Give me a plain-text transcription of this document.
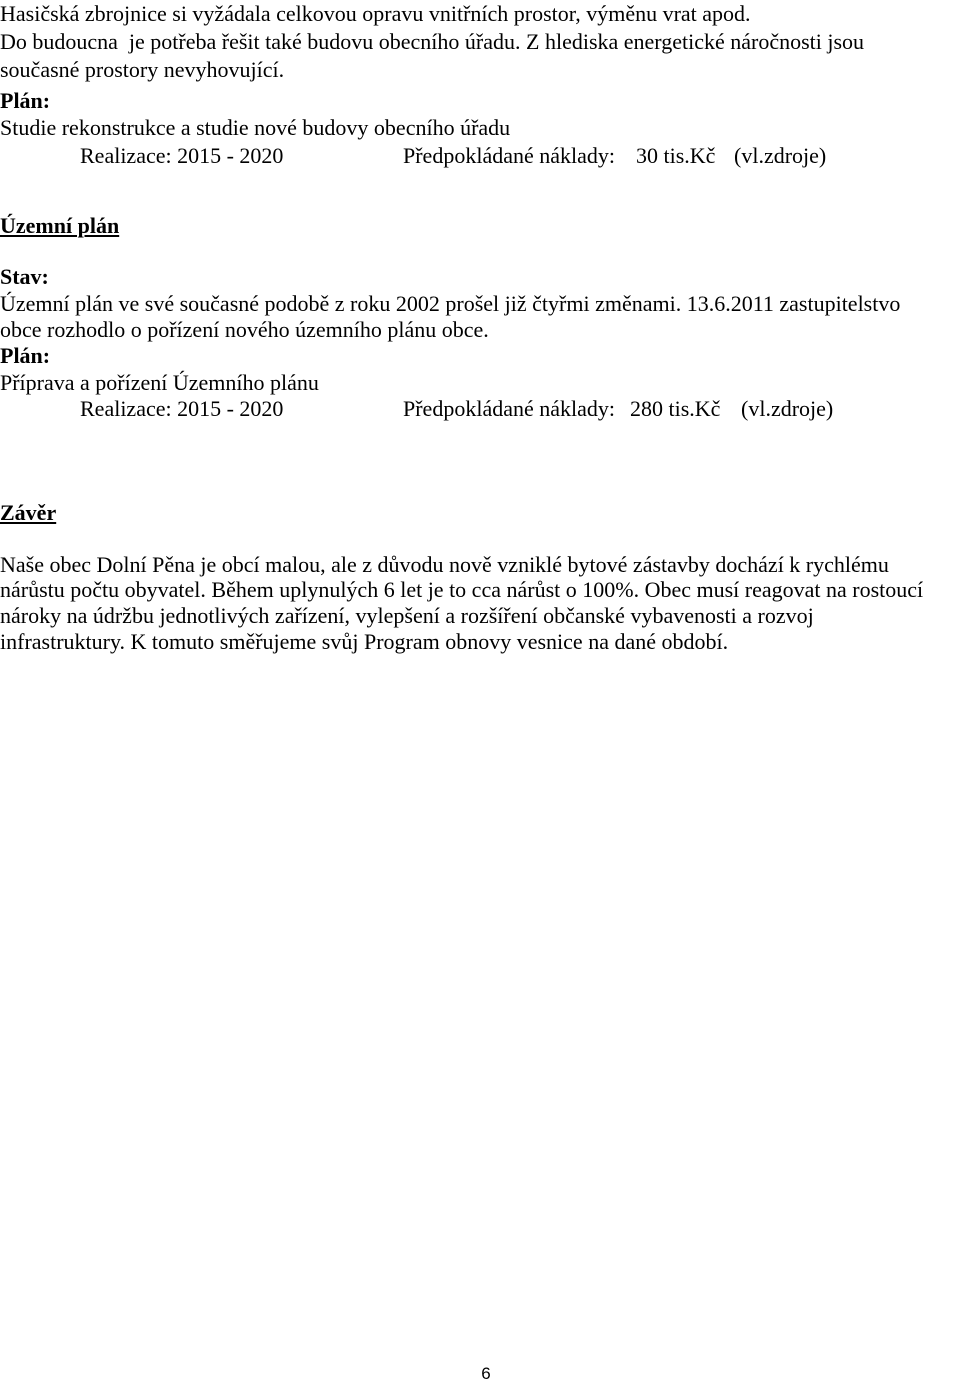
Hasičská zbrojnice si vyžádala celkovou opravu vnitřních prostor, výměnu vrat apod.
Do budoucna  je potřeba řešit také budovu obecního úřadu. Z hlediska energetické náročnosti jsou
současné prostory nevyhovující.
Plán:
Studie rekonstrukce a studie nové budovy obecního úřadu
Realizace: 2015 - 2020	Předpokládané náklady: 30 tis.Kč (vl.zdroje)
Územní plán
Stav:
Územní plán ve své současné podobě z roku 2002 prošel již čtyřmi změnami. 13.6.2011 zastupitelstvo
obce rozhodlo o pořízení nového územního plánu obce.
Plán:
Příprava a pořízení Územního plánu
Realizace: 2015 - 2020	Předpokládané náklady: 280 tis.Kč (vl.zdroje)
Závěr
Naše obec Dolní Pěna je obcí malou, ale z důvodu nově vzniklé bytové zástavby dochází k rychlému
nárůstu počtu obyvatel. Během uplynulých 6 let je to cca nárůst o 100%. Obec musí reagovat na rostoucí
nároky na údržbu jednotlivých zařízení, vylepšení a rozšíření občanské vybavenosti a rozvoj
infrastruktury. K tomuto směřujeme svůj Program obnovy vesnice na dané období.
6
